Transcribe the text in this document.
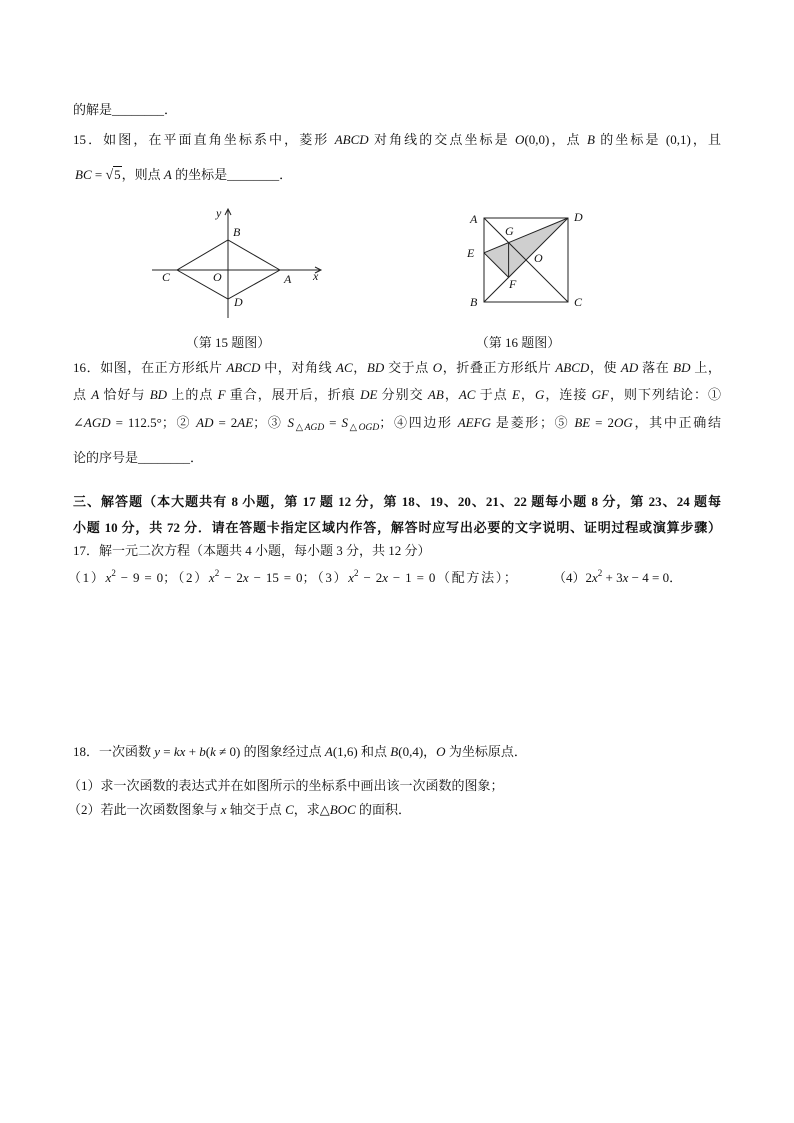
的解是________．
15．如图，在平面直角坐标系中，菱形 ABCD 对角线的交点坐标是 O(0,0)，点 B 的坐标是 (0,1)，且
BC = √5，则点 A 的坐标是________．
y
B
C	O	A x
D
A	D
G
E	O
F
B	C
（第 15 题图）	（第 16 题图）
16．如图，在正方形纸片 ABCD 中，对角线 AC，BD 交于点 O，折叠正方形纸片 ABCD，使 AD 落在 BD 上，
点 A 恰好与 BD 上的点 F 重合，展开后，折痕 DE 分别交 AB，AC 于点 E，G，连接 GF，则下列结论：①
∠AGD = 112.5°；② AD = 2AE；③ $S_{\triangle AGD} = S_{\triangle OGD}$；④四边形 AEFG 是菱形；⑤ BE = 2OG，其中正确结
论的序号是________．
三、解答题（本大题共有 8 小题，第 17 题 12 分，第 18、19、20、21、22 题每小题 8 分，第 23、24 题每
小题 10 分，共 72 分．请在答题卡指定区域内作答，解答时应写出必要的文字说明、证明过程或演算步骤）
17．解一元二次方程（本题共 4 小题，每小题 3 分，共 12 分）
$(1)x^2 - 9 = 0$；$(2)x^2 - 2x - 15 = 0$；$(3)x^2 - 2x - 1 = 0$（配方法）；	$(4)2x^2 + 3x - 4 = 0$．
18．一次函数 y = kx + b(k ≠ 0) 的图象经过点 A(1,6) 和点 B(0,4)，O 为坐标原点．
（1）求一次函数的表达式并在如图所示的坐标系中画出该一次函数的图象；
（2）若此一次函数图象与 x 轴交于点 C，求△BOC 的面积．
